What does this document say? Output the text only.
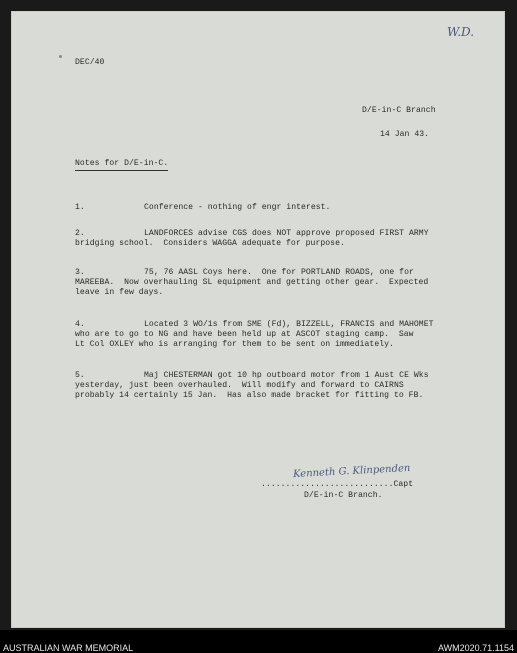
W.D.
DEC/40
D/E-in-C Branch
14 Jan 43.
Notes for D/E-in-C.
1.	Conference - nothing of engr interest.
2.	LANDFORCES advise CGS does NOT approve proposed FIRST ARMY
bridging school.  Considers WAGGA adequate for purpose.
3.	75, 76 AASL Coys here.  One for PORTLAND ROADS, one for
MAREEBA.  Now overhauling SL equipment and getting other gear.  Expected
leave in few days.
4.	Located 3 WO/1s from SME (Fd), BIZZELL, FRANCIS and MAHOMET
who are to go to NG and have been held up at ASCOT staging camp.  Saw
Lt Col OXLEY who is arranging for them to be sent on immediately.
5.	Maj CHESTERMAN got 10 hp outboard motor from 1 Aust CE Wks
yesterday, just been overhauled.  Will modify and forward to CAIRNS
probably 14 certainly 15 Jan.  Has also made bracket for fitting to FB.
Kenneth G. Klinpenden
...........................Capt
D/E-in-C Branch.
AUSTRALIAN WAR MEMORIAL	AWM2020.71.1154
